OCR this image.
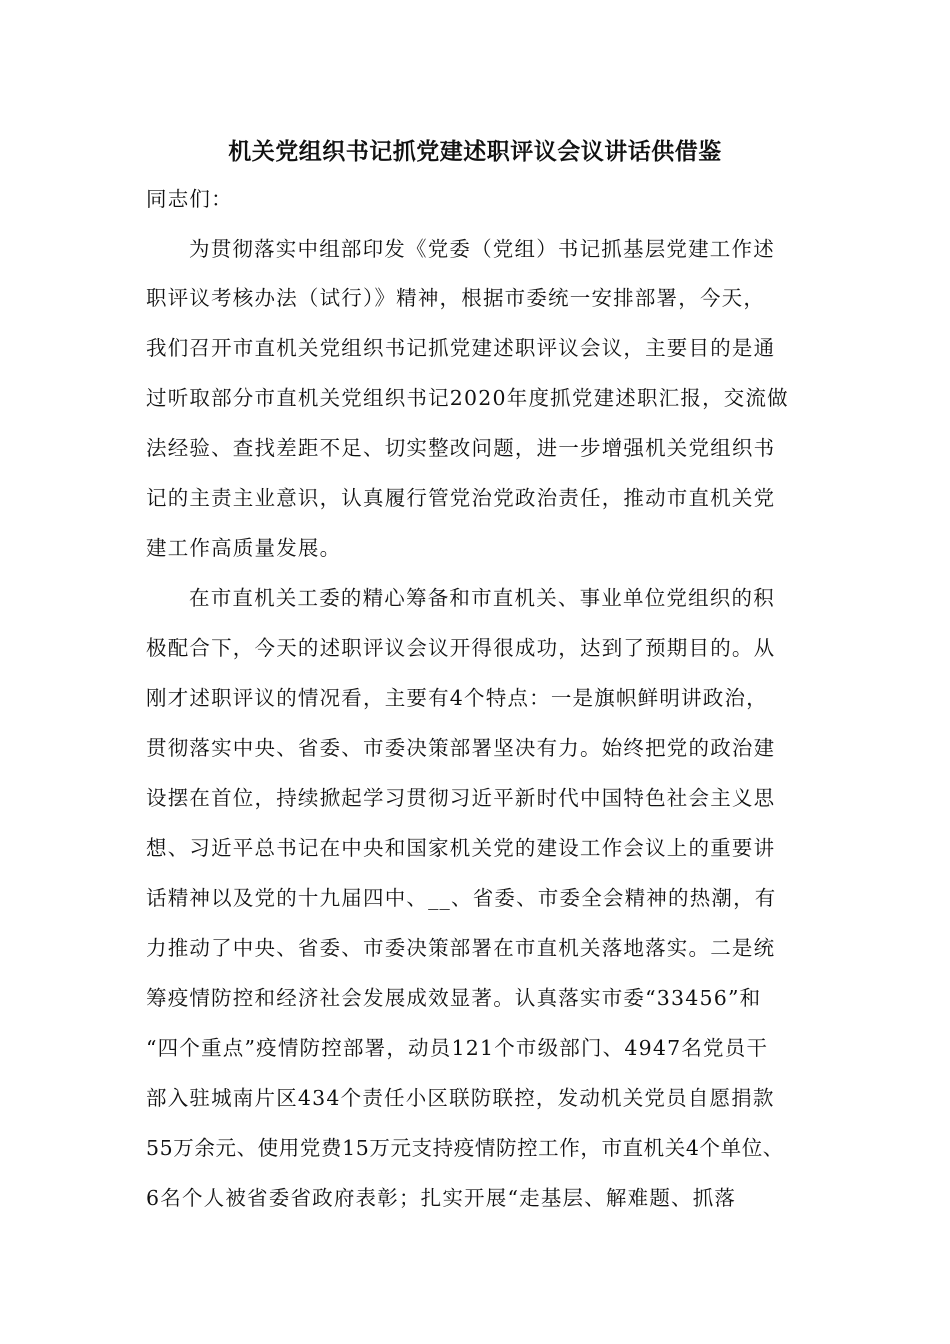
机关党组织书记抓党建述职评议会议讲话供借鉴
同志们：
为贯彻落实中组部印发《党委（党组）书记抓基层党建工作述
职评议考核办法（试行）》精神，根据市委统一安排部署，今天，
我们召开市直机关党组织书记抓党建述职评议会议，主要目的是通
过听取部分市直机关党组织书记2020年度抓党建述职汇报，交流做
法经验、查找差距不足、切实整改问题，进一步增强机关党组织书
记的主责主业意识，认真履行管党治党政治责任，推动市直机关党
建工作高质量发展。
在市直机关工委的精心筹备和市直机关、事业单位党组织的积
极配合下，今天的述职评议会议开得很成功，达到了预期目的。从
刚才述职评议的情况看，主要有4个特点：一是旗帜鲜明讲政治，
贯彻落实中央、省委、市委决策部署坚决有力。始终把党的政治建
设摆在首位，持续掀起学习贯彻习近平新时代中国特色社会主义思
想、习近平总书记在中央和国家机关党的建设工作会议上的重要讲
话精神以及党的十九届四中、__、省委、市委全会精神的热潮，有
力推动了中央、省委、市委决策部署在市直机关落地落实。二是统
筹疫情防控和经济社会发展成效显著。认真落实市委“33456”和
“四个重点”疫情防控部署，动员121个市级部门、4947名党员干
部入驻城南片区434个责任小区联防联控，发动机关党员自愿捐款
55万余元、使用党费15万元支持疫情防控工作，市直机关4个单位、
6名个人被省委省政府表彰；扎实开展“走基层、解难题、抓落
